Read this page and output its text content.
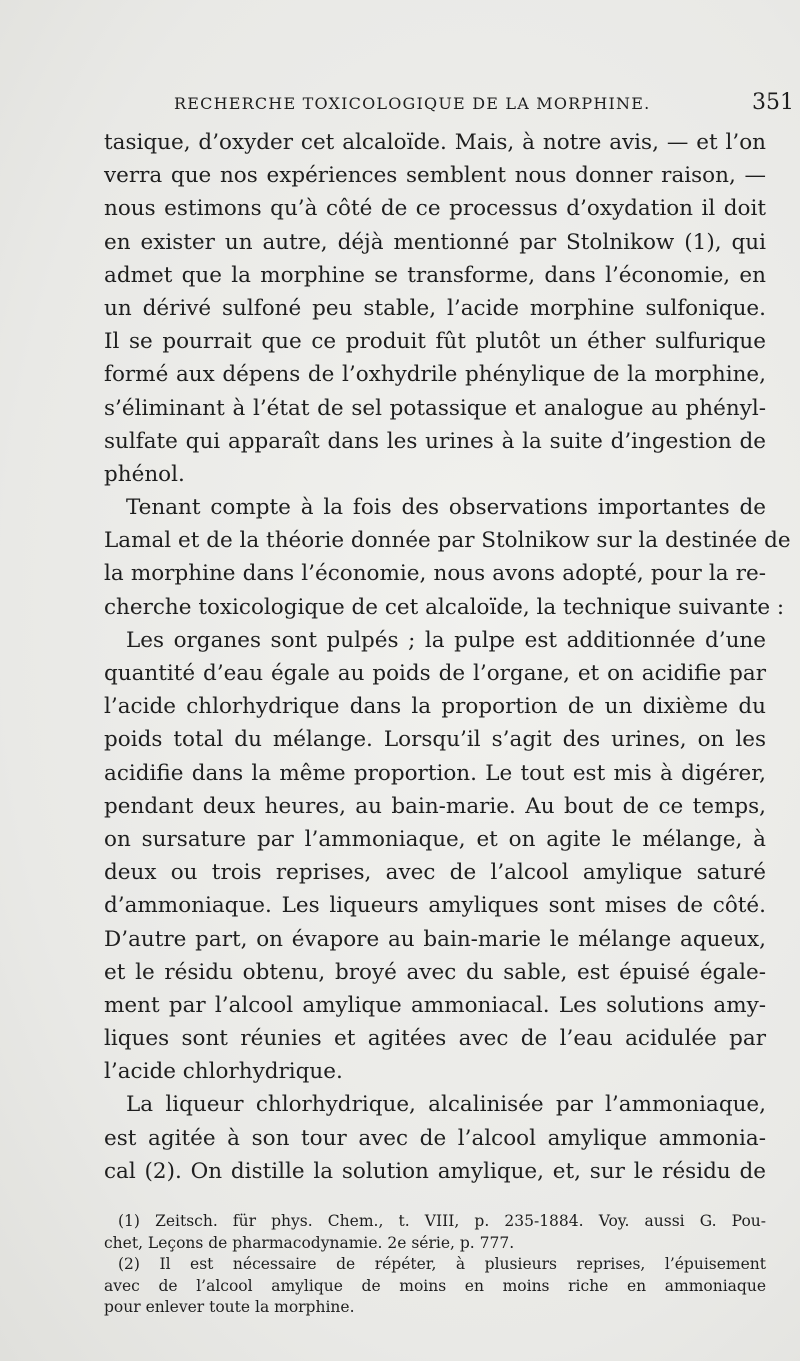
RECHERCHE TOXICOLOGIQUE DE LA MORPHINE.	351
tasique, d’oxyder cet alcaloïde. Mais, à notre avis, — et l’on
verra que nos expériences semblent nous donner raison, —
nous estimons qu’à côté de ce processus d’oxydation il doit
en exister un autre, déjà mentionné par Stolnikow (1), qui
admet que la morphine se transforme, dans l’économie, en
un dérivé sulfoné peu stable, l’acide morphine sulfonique.
Il se pourrait que ce produit fût plutôt un éther sulfurique
formé aux dépens de l’oxhydrile phénylique de la morphine,
s’éliminant à l’état de sel potassique et analogue au phényl-
sulfate qui apparaît dans les urines à la suite d’ingestion de
phénol.
Tenant compte à la fois des observations importantes de
Lamal et de la théorie donnée par Stolnikow sur la destinée de
la morphine dans l’économie, nous avons adopté, pour la re-
cherche toxicologique de cet alcaloïde, la technique suivante :
Les organes sont pulpés ; la pulpe est additionnée d’une
quantité d’eau égale au poids de l’organe, et on acidifie par
l’acide chlorhydrique dans la proportion de un dixième du
poids total du mélange. Lorsqu’il s’agit des urines, on les
acidifie dans la même proportion. Le tout est mis à digérer,
pendant deux heures, au bain-marie. Au bout de ce temps,
on sursature par l’ammoniaque, et on agite le mélange, à
deux ou trois reprises, avec de l’alcool amylique saturé
d’ammoniaque. Les liqueurs amyliques sont mises de côté.
D’autre part, on évapore au bain-marie le mélange aqueux,
et le résidu obtenu, broyé avec du sable, est épuisé égale-
ment par l’alcool amylique ammoniacal. Les solutions amy-
liques sont réunies et agitées avec de l’eau acidulée par
l’acide chlorhydrique.
La liqueur chlorhydrique, alcalinisée par l’ammoniaque,
est agitée à son tour avec de l’alcool amylique ammonia-
cal (2). On distille la solution amylique, et, sur le résidu de
(1) Zeitsch. für phys. Chem., t. VIII, p. 235-1884. Voy. aussi G. Pou-
chet, Leçons de pharmacodynamie. 2e série, p. 777.
(2) Il est nécessaire de répéter, à plusieurs reprises, l’épuisement
avec de l’alcool amylique de moins en moins riche en ammoniaque
pour enlever toute la morphine.
